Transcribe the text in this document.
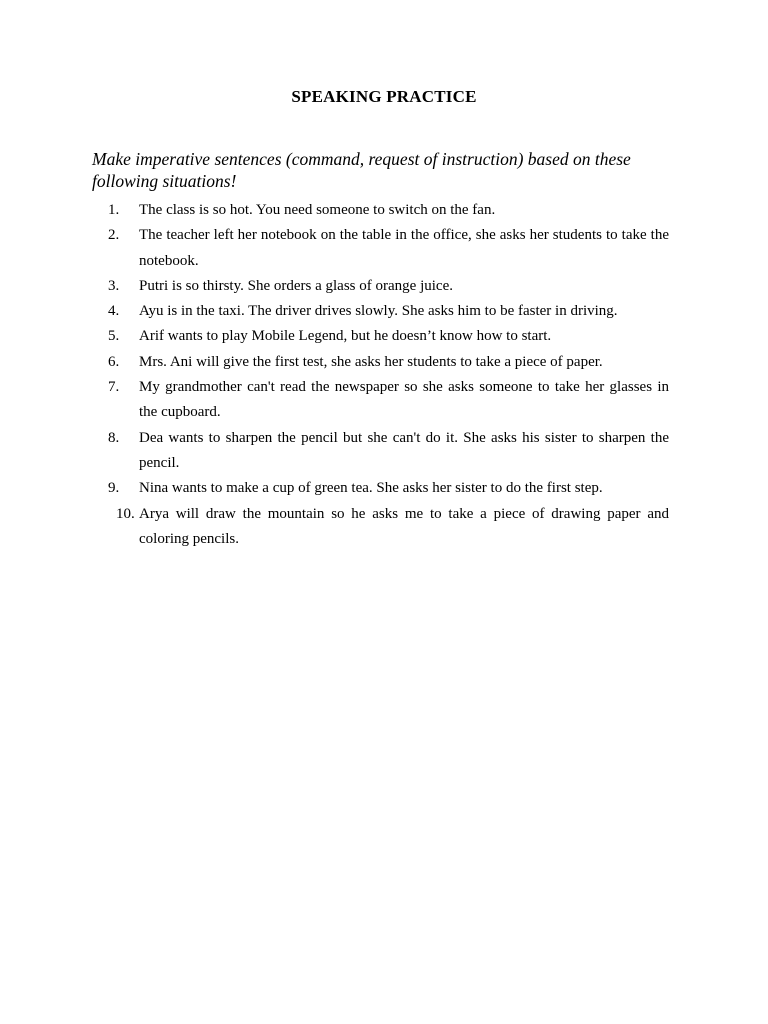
SPEAKING PRACTICE
Make imperative sentences (command, request of instruction) based on these following situations!
1.	The class is so hot. You need someone to switch on the fan.
2.	The teacher left her notebook on the table in the office, she asks her students to take the notebook.
3.	Putri is so thirsty. She orders a glass of orange juice.
4.	Ayu is in the taxi. The driver drives slowly. She asks him to be faster in driving.
5.	Arif wants to play Mobile Legend, but he doesn’t know how to start.
6.	Mrs. Ani will give the first test, she asks her students to take a piece of paper.
7.	My grandmother can't read the newspaper so she asks someone to take her glasses in the cupboard.
8.	Dea wants to sharpen the pencil but she can't do it. She asks his sister to sharpen the pencil.
9.	Nina wants to make a cup of green tea. She asks her sister to do the first step.
10. Arya will draw the mountain so he asks me to take a piece of drawing paper and coloring pencils.
